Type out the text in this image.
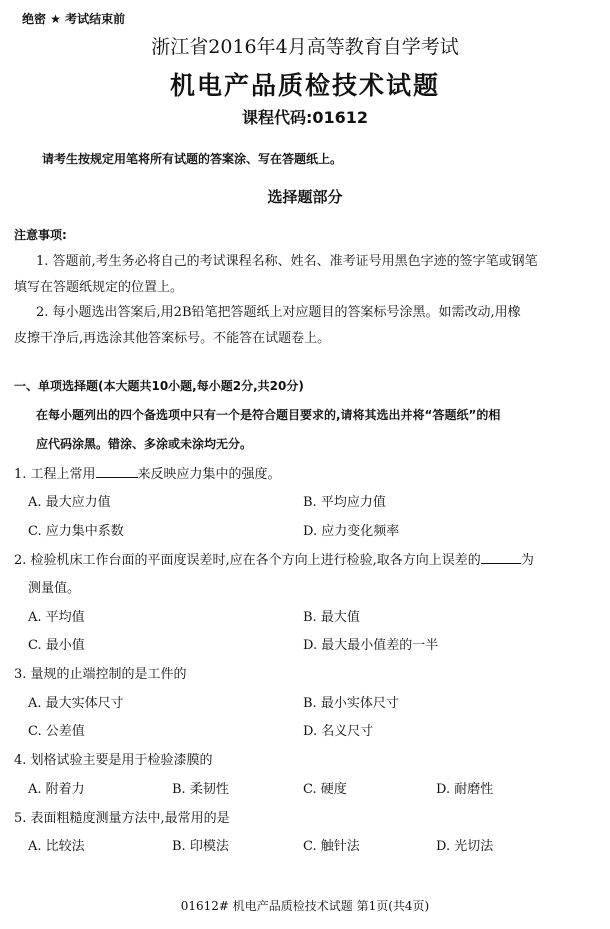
绝密 ★ 考试结束前
浙江省2016年4月高等教育自学考试
机电产品质检技术试题
课程代码:01612
请考生按规定用笔将所有试题的答案涂、写在答题纸上。
选择题部分
注意事项:
1. 答题前,考生务必将自己的考试课程名称、姓名、准考证号用黑色字迹的签字笔或钢笔
填写在答题纸规定的位置上。
2. 每小题选出答案后,用2B铅笔把答题纸上对应题目的答案标号涂黑。如需改动,用橡
皮擦干净后,再选涂其他答案标号。不能答在试题卷上。
一、单项选择题(本大题共10小题,每小题2分,共20分)
在每小题列出的四个备选项中只有一个是符合题目要求的,请将其选出并将“答题纸”的相
应代码涂黑。错涂、多涂或未涂均无分。
1. 工程上常用	来反映应力集中的强度。
A. 最大应力值	B. 平均应力值
C. 应力集中系数	D. 应力变化频率
2. 检验机床工作台面的平面度误差时,应在各个方向上进行检验,取各方向上误差的	为
测量值。
A. 平均值	B. 最大值
C. 最小值	D. 最大最小值差的一半
3. 量规的止端控制的是工件的
A. 最大实体尺寸	B. 最小实体尺寸
C. 公差值	D. 名义尺寸
4. 划格试验主要是用于检验漆膜的
A. 附着力	B. 柔韧性	C. 硬度	D. 耐磨性
5. 表面粗糙度测量方法中,最常用的是
A. 比较法	B. 印模法	C. 触针法	D. 光切法
01612# 机电产品质检技术试题 第1页(共4页)
